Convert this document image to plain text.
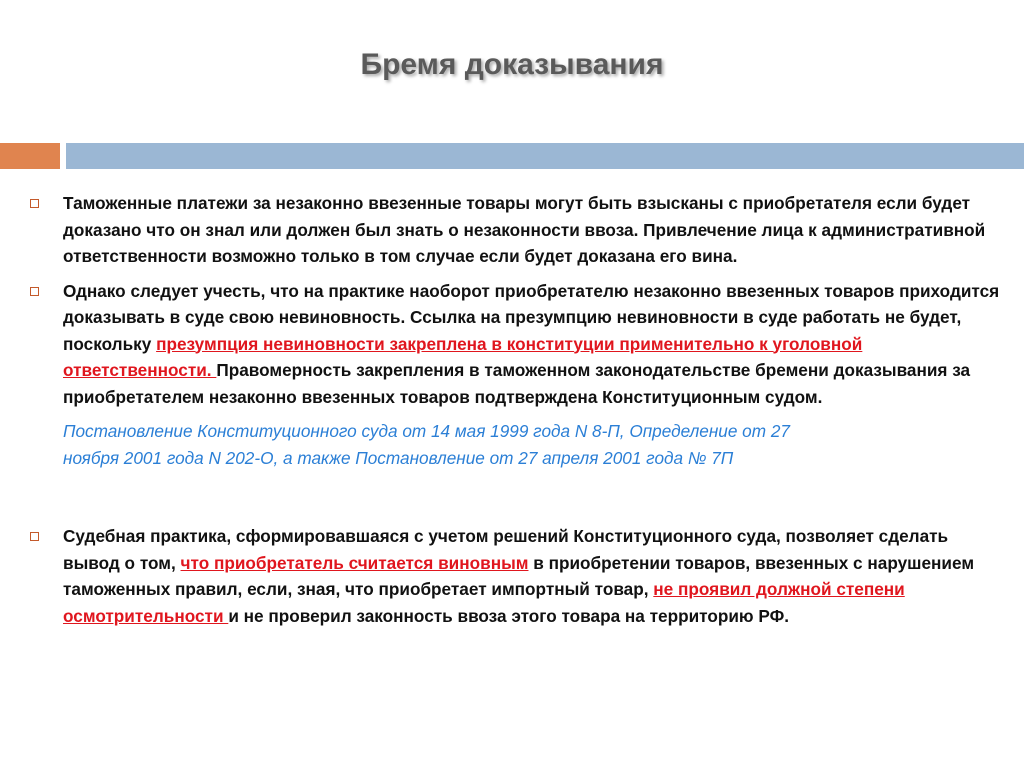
Бремя доказывания
Таможенные платежи за незаконно ввезенные товары могут быть взысканы с приобретателя если будет доказано что он знал или должен был знать о незаконности ввоза. Привлечение лица к административной ответственности возможно только в том случае если будет доказана его вина.
Однако следует учесть, что на практике наоборот приобретателю незаконно ввезенных товаров приходится доказывать в суде свою невиновность. Ссылка на презумпцию невиновности в суде работать не будет, поскольку презумпция невиновности закреплена в конституции применительно к уголовной ответственности. Правомерность закрепления в таможенном законодательстве бремени доказывания за приобретателем незаконно ввезенных товаров подтверждена Конституционным судом.
Постановление Конституционного суда от 14 мая 1999 года N 8-П, Определение от 27
ноября 2001 года N 202-О, а также Постановление от 27 апреля 2001 года № 7П
Судебная практика, сформировавшаяся с учетом решений Конституционного суда, позволяет сделать вывод о том, что приобретатель считается виновным в приобретении товаров, ввезенных с нарушением таможенных правил, если, зная, что приобретает импортный товар, не проявил должной степени осмотрительности и не проверил законность ввоза этого товара на территорию РФ.
